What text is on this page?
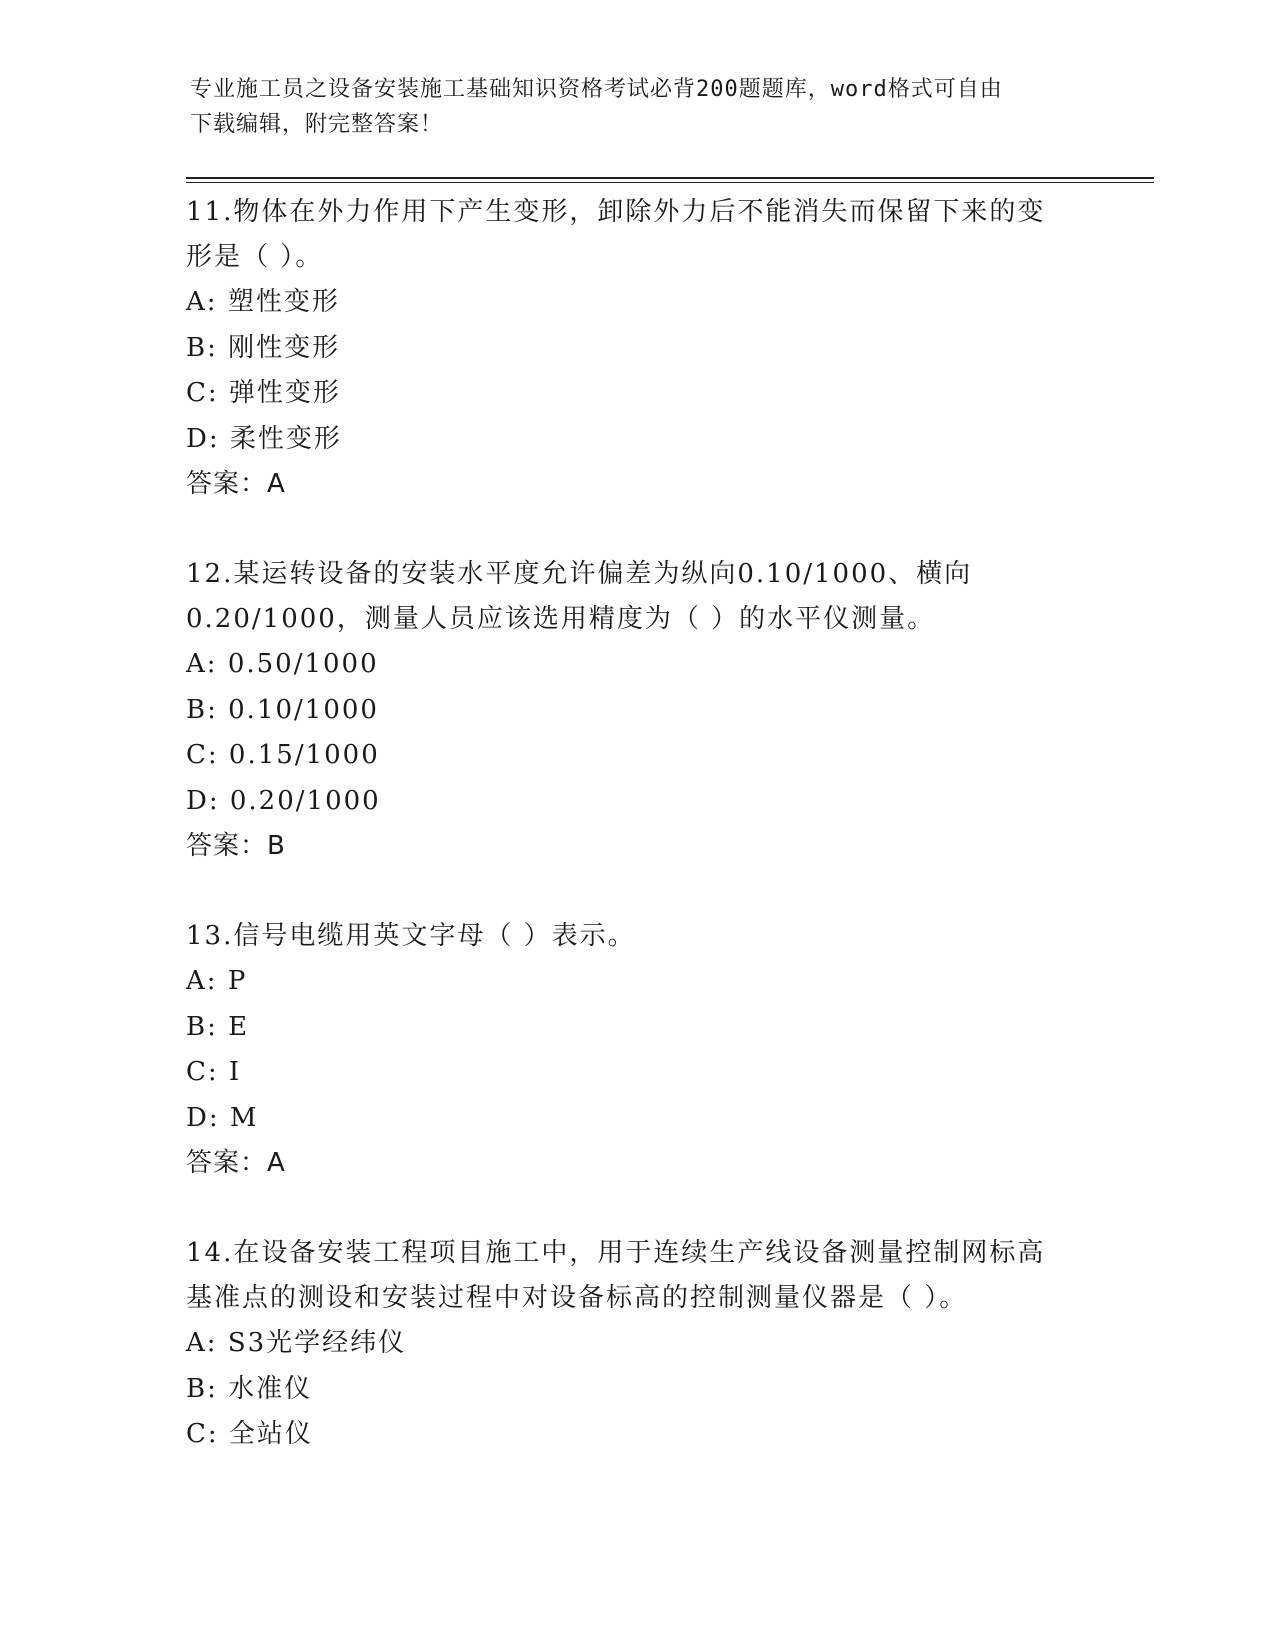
专业施工员之设备安装施工基础知识资格考试必背200题题库，word格式可自由
下载编辑，附完整答案！

11.物体在外力作用下产生变形，卸除外力后不能消失而保留下来的变

形是（ ）。

A: 塑性变形

B: 刚性变形

C: 弹性变形

D: 柔性变形

答案：A

12.某运转设备的安装水平度允许偏差为纵向0.10/1000、横向

0.20/1000，测量人员应该选用精度为（ ）的水平仪测量。

A: 0.50/1000

B: 0.10/1000

C: 0.15/1000

D: 0.20/1000

答案：B

13.信号电缆用英文字母（ ）表示。

A: P

B: E

C: I

D: M

答案：A

14.在设备安装工程项目施工中，用于连续生产线设备测量控制网标高

基准点的测设和安装过程中对设备标高的控制测量仪器是（ ）。

A: S3光学经纬仪

B: 水准仪

C: 全站仪
